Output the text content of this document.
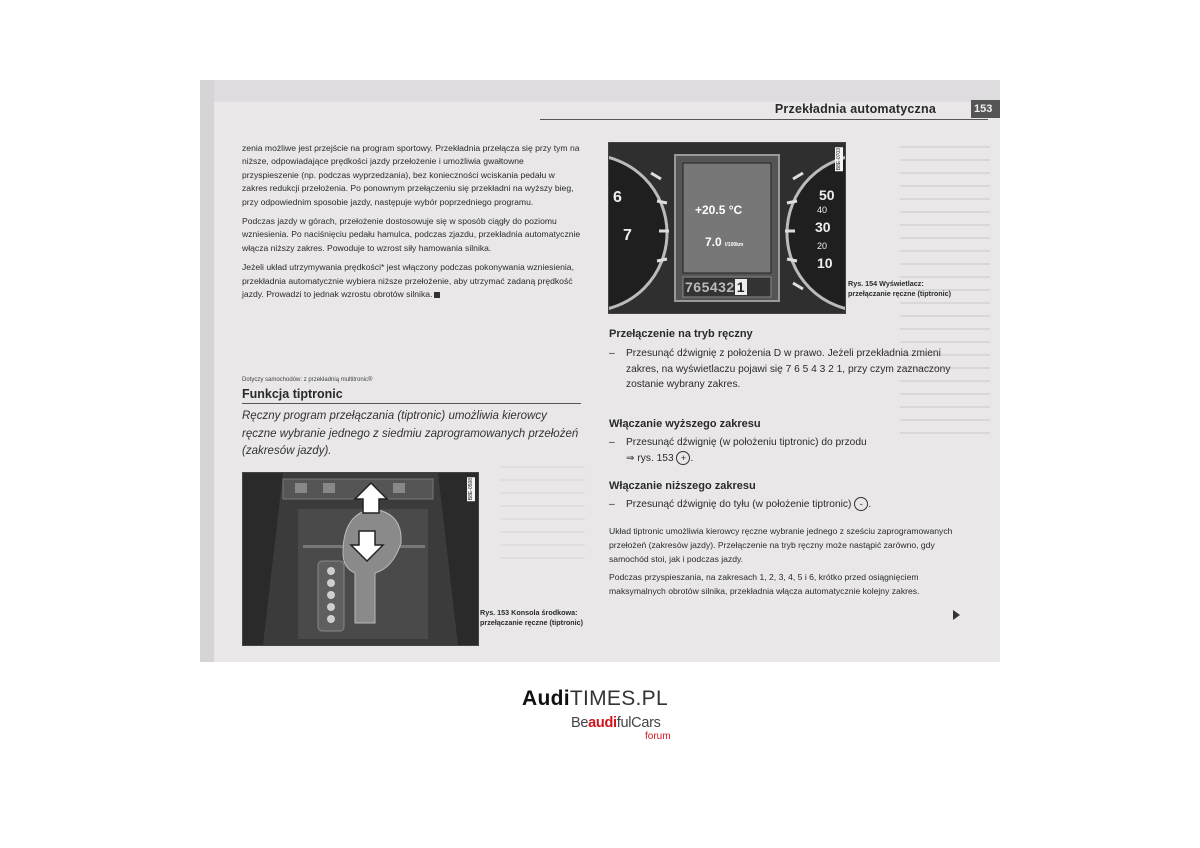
Przekładnia automatyczna	153

zenia możliwe jest przejście na program sportowy. Przekładnia przełącza się przy tym na niższe, odpowiadające prędkości jazdy przełożenie i umożliwia gwałtowne przyspieszenie (np. podczas wyprzedzania), bez konieczności wciskania pedału w zakres redukcji przełożenia. Po ponownym przełączeniu się przekładni na wyższy bieg, przy odpowiednim sposobie jazdy, następuje wybór poprzedniego programu.

Podczas jazdy w górach, przełożenie dostosowuje się w sposób ciągły do poziomu wzniesienia. Po naciśnięciu pedału hamulca, podczas zjazdu, przekładnia automatycznie włącza niższy zakres. Powoduje to wzrost siły hamowania silnika.

Jeżeli układ utrzymywania prędkości* jest włączony podczas pokonywania wzniesienia, przekładnia automatycznie wybiera niższe przełożenie, aby utrzymać zadaną prędkość jazdy. Prowadzi to jednak wzrostu obrotów silnika.

Dotyczy samochodów: z przekładnią multitronic®
Funkcja tiptronic
Ręczny program przełączania (tiptronic) umożliwia kierowcy ręczne wybranie jednego z siedmiu zaprogramowanych przełożeń (zakresów jazdy).
B8E-0598
Rys. 153 Konsola środkowa: przełączanie ręczne (tiptronic)
6
7
50
40
30
20
10
+20.5 °C
7.0 l/100km
765432 1
B8E-0703
Rys. 154 Wyświetlacz: przełączanie ręczne (tiptronic)
Przełączenie na tryb ręczny
–	Przesunąć dźwignię z położenia D w prawo. Jeżeli przekładnia zmieni zakres, na wyświetlaczu pojawi się 7 6 5 4 3 2 1, przy czym zaznaczony zostanie wybrany zakres.
Włączanie wyższego zakresu
–	Przesunąć dźwignię (w położeniu tiptronic) do przodu
⇒ rys. 153 + .
Włączanie niższego zakresu
–	Przesunąć dźwignię do tyłu (w położenie tiptronic) - .

Układ tiptronic umożliwia kierowcy ręczne wybranie jednego z sześciu zaprogramowanych przełożeń (zakresów jazdy). Przełączenie na tryb ręczny może nastąpić zarówno, gdy samochód stoi, jak i podczas jazdy.

Podczas przyspieszania, na zakresach 1, 2, 3, 4, 5 i 6, krótko przed osiągnięciem maksymalnych obrotów silnika, przekładnia włącza automatycznie kolejny zakres.

AudiTIMES.PL
BeaudifulCars
forum
